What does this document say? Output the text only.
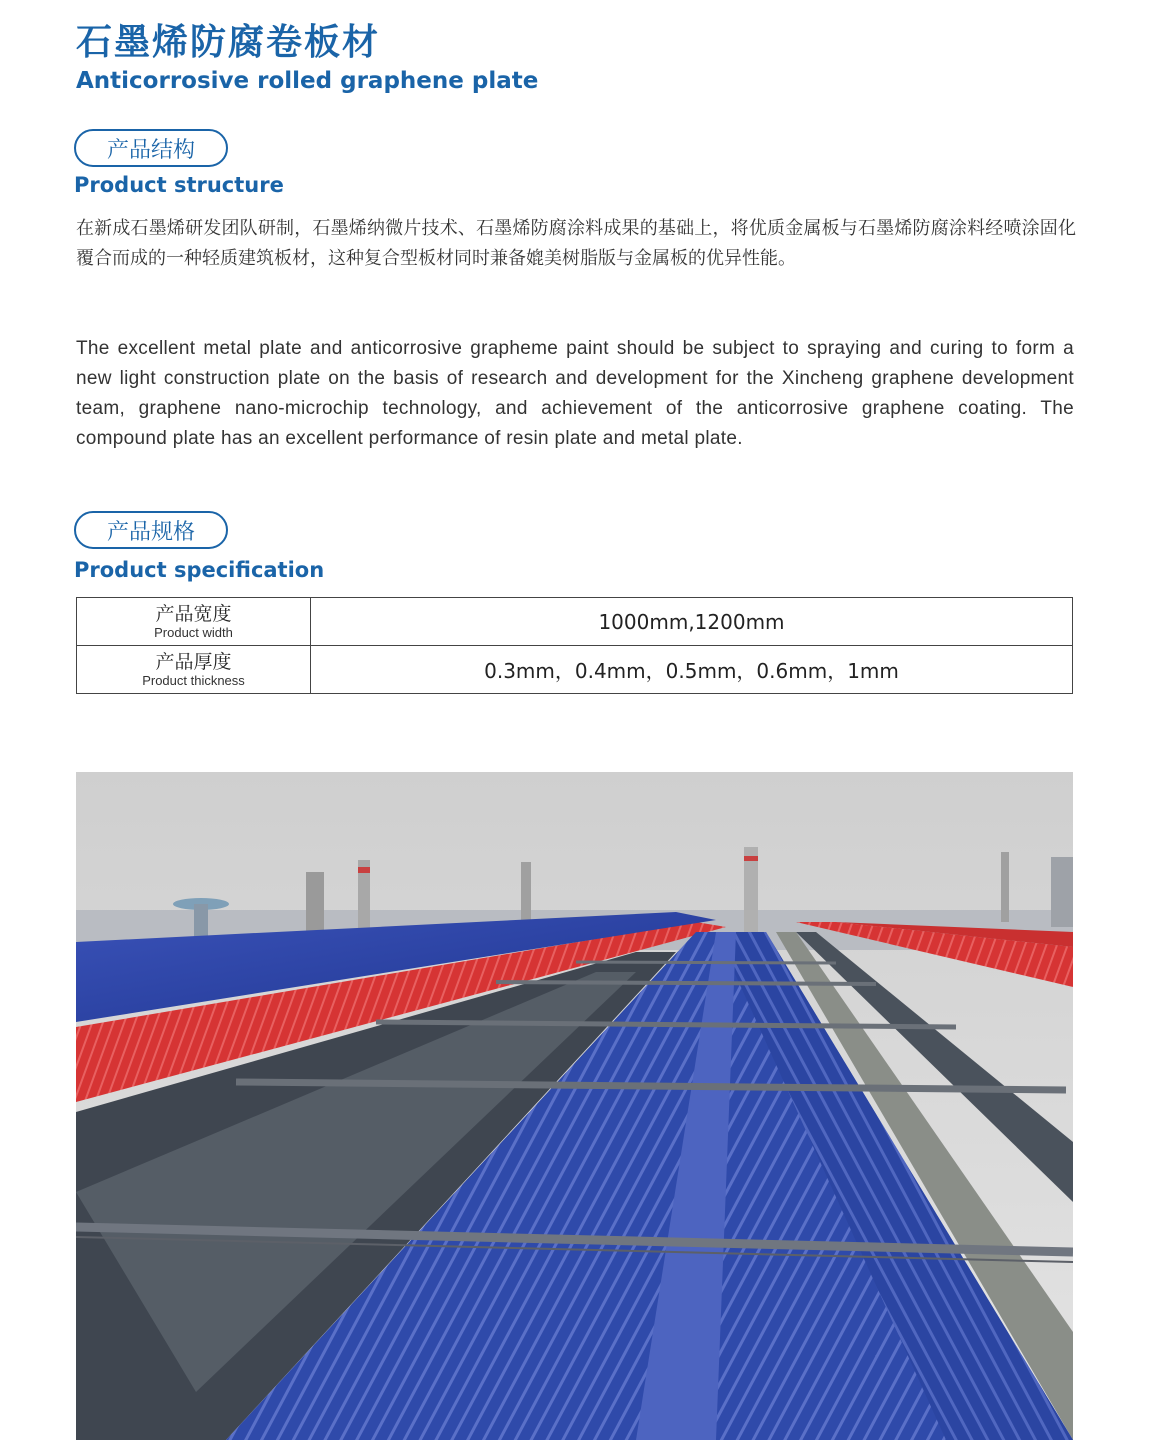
石墨烯防腐卷板材
Anticorrosive rolled graphene plate
产品结构
Product structure

在新成石墨烯研发团队研制，石墨烯纳微片技术、石墨烯防腐涂料成果的基础上，将优质金属板与石墨烯防腐涂料经喷涂固化覆合而成的一种轻质建筑板材，这种复合型板材同时兼备媲美树脂版与金属板的优异性能。

The excellent metal plate and anticorrosive grapheme paint should be subject to spraying and curing to form a new light construction plate on the basis of research and development for the Xincheng graphene development team, graphene nano-microchip technology, and achievement of the anticorrosive graphene coating. The compound plate has an excellent performance of resin plate and metal plate.

产品规格
Product specification
产品宽度
Product width	1000mm,1200mm

产品厚度
Product thickness	0.3mm，0.4mm，0.5mm，0.6mm，1mm
